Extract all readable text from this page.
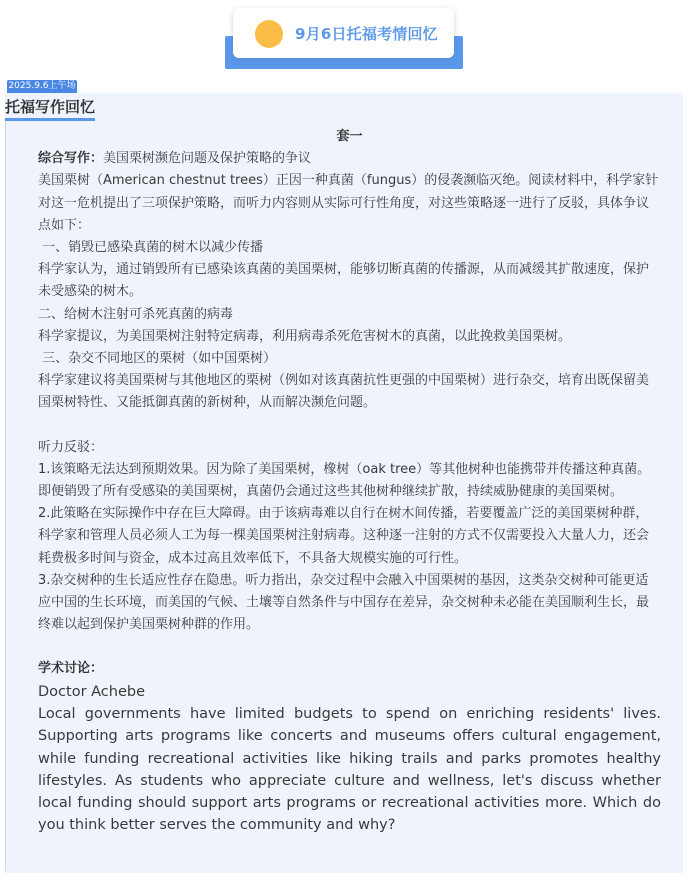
9月6日托福考情回忆
2025.9.6上午场
托福写作回忆

套一

综合写作：美国栗树濒危问题及保护策略的争议

美国栗树（American chestnut trees）正因一种真菌（fungus）的侵袭濒临灭绝。阅读材料中，科学家针对这一危机提出了三项保护策略，而听力内容则从实际可行性角度，对这些策略逐一进行了反驳，具体争议点如下：

一、销毁已感染真菌的树木以减少传播

科学家认为，通过销毁所有已感染该真菌的美国栗树，能够切断真菌的传播源，从而减缓其扩散速度，保护未受感染的树木。

二、给树木注射可杀死真菌的病毒

科学家提议，为美国栗树注射特定病毒，利用病毒杀死危害树木的真菌，以此挽救美国栗树。

三、杂交不同地区的栗树（如中国栗树）

科学家建议将美国栗树与其他地区的栗树（例如对该真菌抗性更强的中国栗树）进行杂交，培育出既保留美国栗树特性、又能抵御真菌的新树种，从而解决濒危问题。

听力反驳：

1.该策略无法达到预期效果。因为除了美国栗树，橡树（oak tree）等其他树种也能携带并传播这种真菌。即便销毁了所有受感染的美国栗树，真菌仍会通过这些其他树种继续扩散，持续威胁健康的美国栗树。

2.此策略在实际操作中存在巨大障碍。由于该病毒难以自行在树木间传播，若要覆盖广泛的美国栗树种群，科学家和管理人员必须人工为每一棵美国栗树注射病毒。这种逐一注射的方式不仅需要投入大量人力，还会耗费极多时间与资金，成本过高且效率低下，不具备大规模实施的可行性。

3.杂交树种的生长适应性存在隐患。听力指出，杂交过程中会融入中国栗树的基因，这类杂交树种可能更适应中国的生长环境，而美国的气候、土壤等自然条件与中国存在差异，杂交树种未必能在美国顺利生长，最终难以起到保护美国栗树种群的作用。

学术讨论：

Doctor Achebe

Local governments have limited budgets to spend on enriching residents' lives. Supporting arts programs like concerts and museums offers cultural engagement, while funding recreational activities like hiking trails and parks promotes healthy lifestyles. As students who appreciate culture and wellness, let's discuss whether local funding should support arts programs or recreational activities more. Which do you think better serves the community and why?
